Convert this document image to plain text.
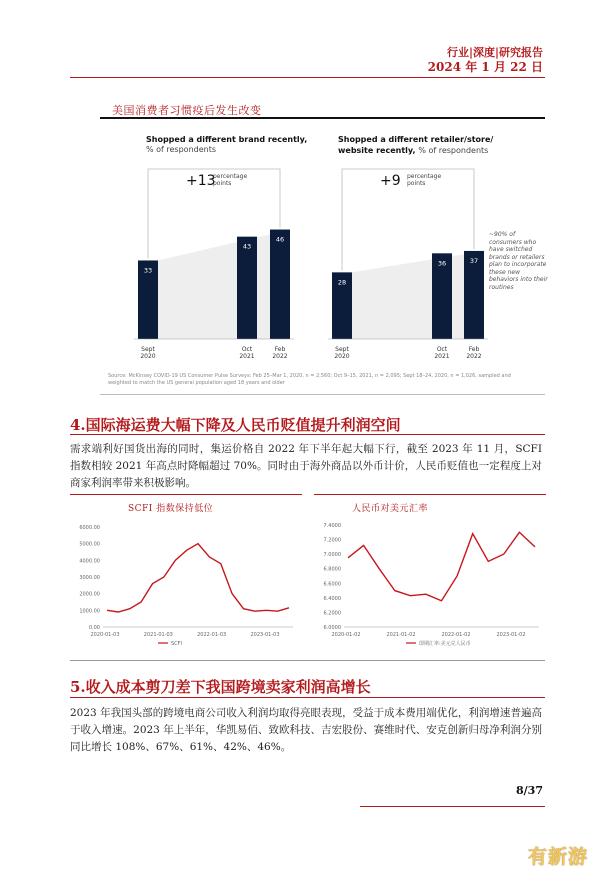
行业|深度|研究报告
2024 年 1 月 22 日
美国消费者习惯疫后发生改变
Shopped a different brand recently,
% of respondents
Shopped a different retailer/store/
website recently, % of respondents
+13
percentage
points
33
Sept
2020
43
Oct
2021
46
Feb
2022
+9 percentage
points
28
Sept
2020
36
Oct
2021
37
Feb
2022
~90% of consumers who have switched brands or retailers plan to incorporate these new behaviors into their routines
Source: McKinsey COVID-19 US Consumer Pulse Surveys: Feb 25–Mar 1, 2020, n = 2,560; Oct 9–15, 2021, n = 2,095; Sept 18–24, 2020, n = 1,026, sampled and weighted to match the US general population aged 18 years and older
4.国际海运费大幅下降及人民币贬值提升利润空间
需求端利好国货出海的同时，集运价格自 2022 年下半年起大幅下行，截至 2023 年 11 月，SCFI 指数相较 2021 年高点时降幅超过 70%。同时由于海外商品以外币计价，人民币贬值也一定程度上对商家利润率带来积极影响。
SCFI 指数保持低位
6000.00
5000.00
4000.00
3000.00
2000.00
1000.00
0.00
2020-01-03	2021-01-03	2022-01-03	2023-01-03
SCFI
人民币对美元汇率
7.4000
7.2000
7.0000
6.8000
6.6000
6.4000
6.2000
6.0000
2020-01-02	2021-01-02	2022-01-02	2023-01-02
即期汇率:美元兑人民币
5.收入成本剪刀差下我国跨境卖家利润高增长
2023 年我国头部的跨境电商公司收入利润均取得亮眼表现，受益于成本费用端优化，利润增速普遍高于收入增速。2023 年上半年，华凯易佰、致欧科技、吉宏股份、赛维时代、安克创新归母净利润分别同比增长 108%、67%、61%、42%、46%。
8/37
有新游
